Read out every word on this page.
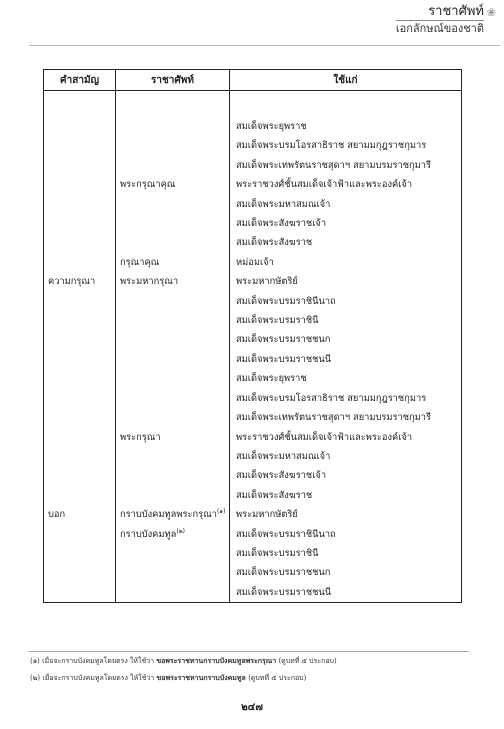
ราชาศัพท์
เอกลักษณ์ของชาติ
❀
คำสามัญ	ราชาศัพท์	ใช้แก่
		สมเด็จพระยุพราช
		สมเด็จพระบรมโอรสาธิราช สยามมกุฎราชกุมาร
		สมเด็จพระเทพรัตนราชสุดาฯ สยามบรมราชกุมารี
	พระกรุณาคุณ	พระราชวงศ์ชั้นสมเด็จเจ้าฟ้าและพระองค์เจ้า
		สมเด็จพระมหาสมณเจ้า
		สมเด็จพระสังฆราชเจ้า
		สมเด็จพระสังฆราช
	กรุณาคุณ	หม่อมเจ้า
ความกรุณา	พระมหากรุณา	พระมหากษัตริย์
		สมเด็จพระบรมราชินีนาถ
		สมเด็จพระบรมราชินี
		สมเด็จพระบรมราชชนก
		สมเด็จพระบรมราชชนนี
		สมเด็จพระยุพราช
		สมเด็จพระบรมโอรสาธิราช สยามมกุฎราชกุมาร
		สมเด็จพระเทพรัตนราชสุดาฯ สยามบรมราชกุมารี
	พระกรุณา	พระราชวงศ์ชั้นสมเด็จเจ้าฟ้าและพระองค์เจ้า
		สมเด็จพระมหาสมณเจ้า
		สมเด็จพระสังฆราชเจ้า
		สมเด็จพระสังฆราช
บอก	กราบบังคมทูลพระกรุณา$^{(๑)}$	พระมหากษัตริย์
	กราบบังคมทูล$^{(๒)}$	สมเด็จพระบรมราชินีนาถ
		สมเด็จพระบรมราชินี
		สมเด็จพระบรมราชชนก
		สมเด็จพระบรมราชชนนี
(๑) เมื่อจะกราบบังคมทูลโดยตรง ให้ใช้ว่า ขอพระราชทานกราบบังคมทูลพระกรุณา (ดูบทที่ ๕ ประกอบ)
(๒) เมื่อจะกราบบังคมทูลโดยตรง ให้ใช้ว่า ขอพระราชทานกราบบังคมทูล (ดูบทที่ ๕ ประกอบ)
๒๔๗
